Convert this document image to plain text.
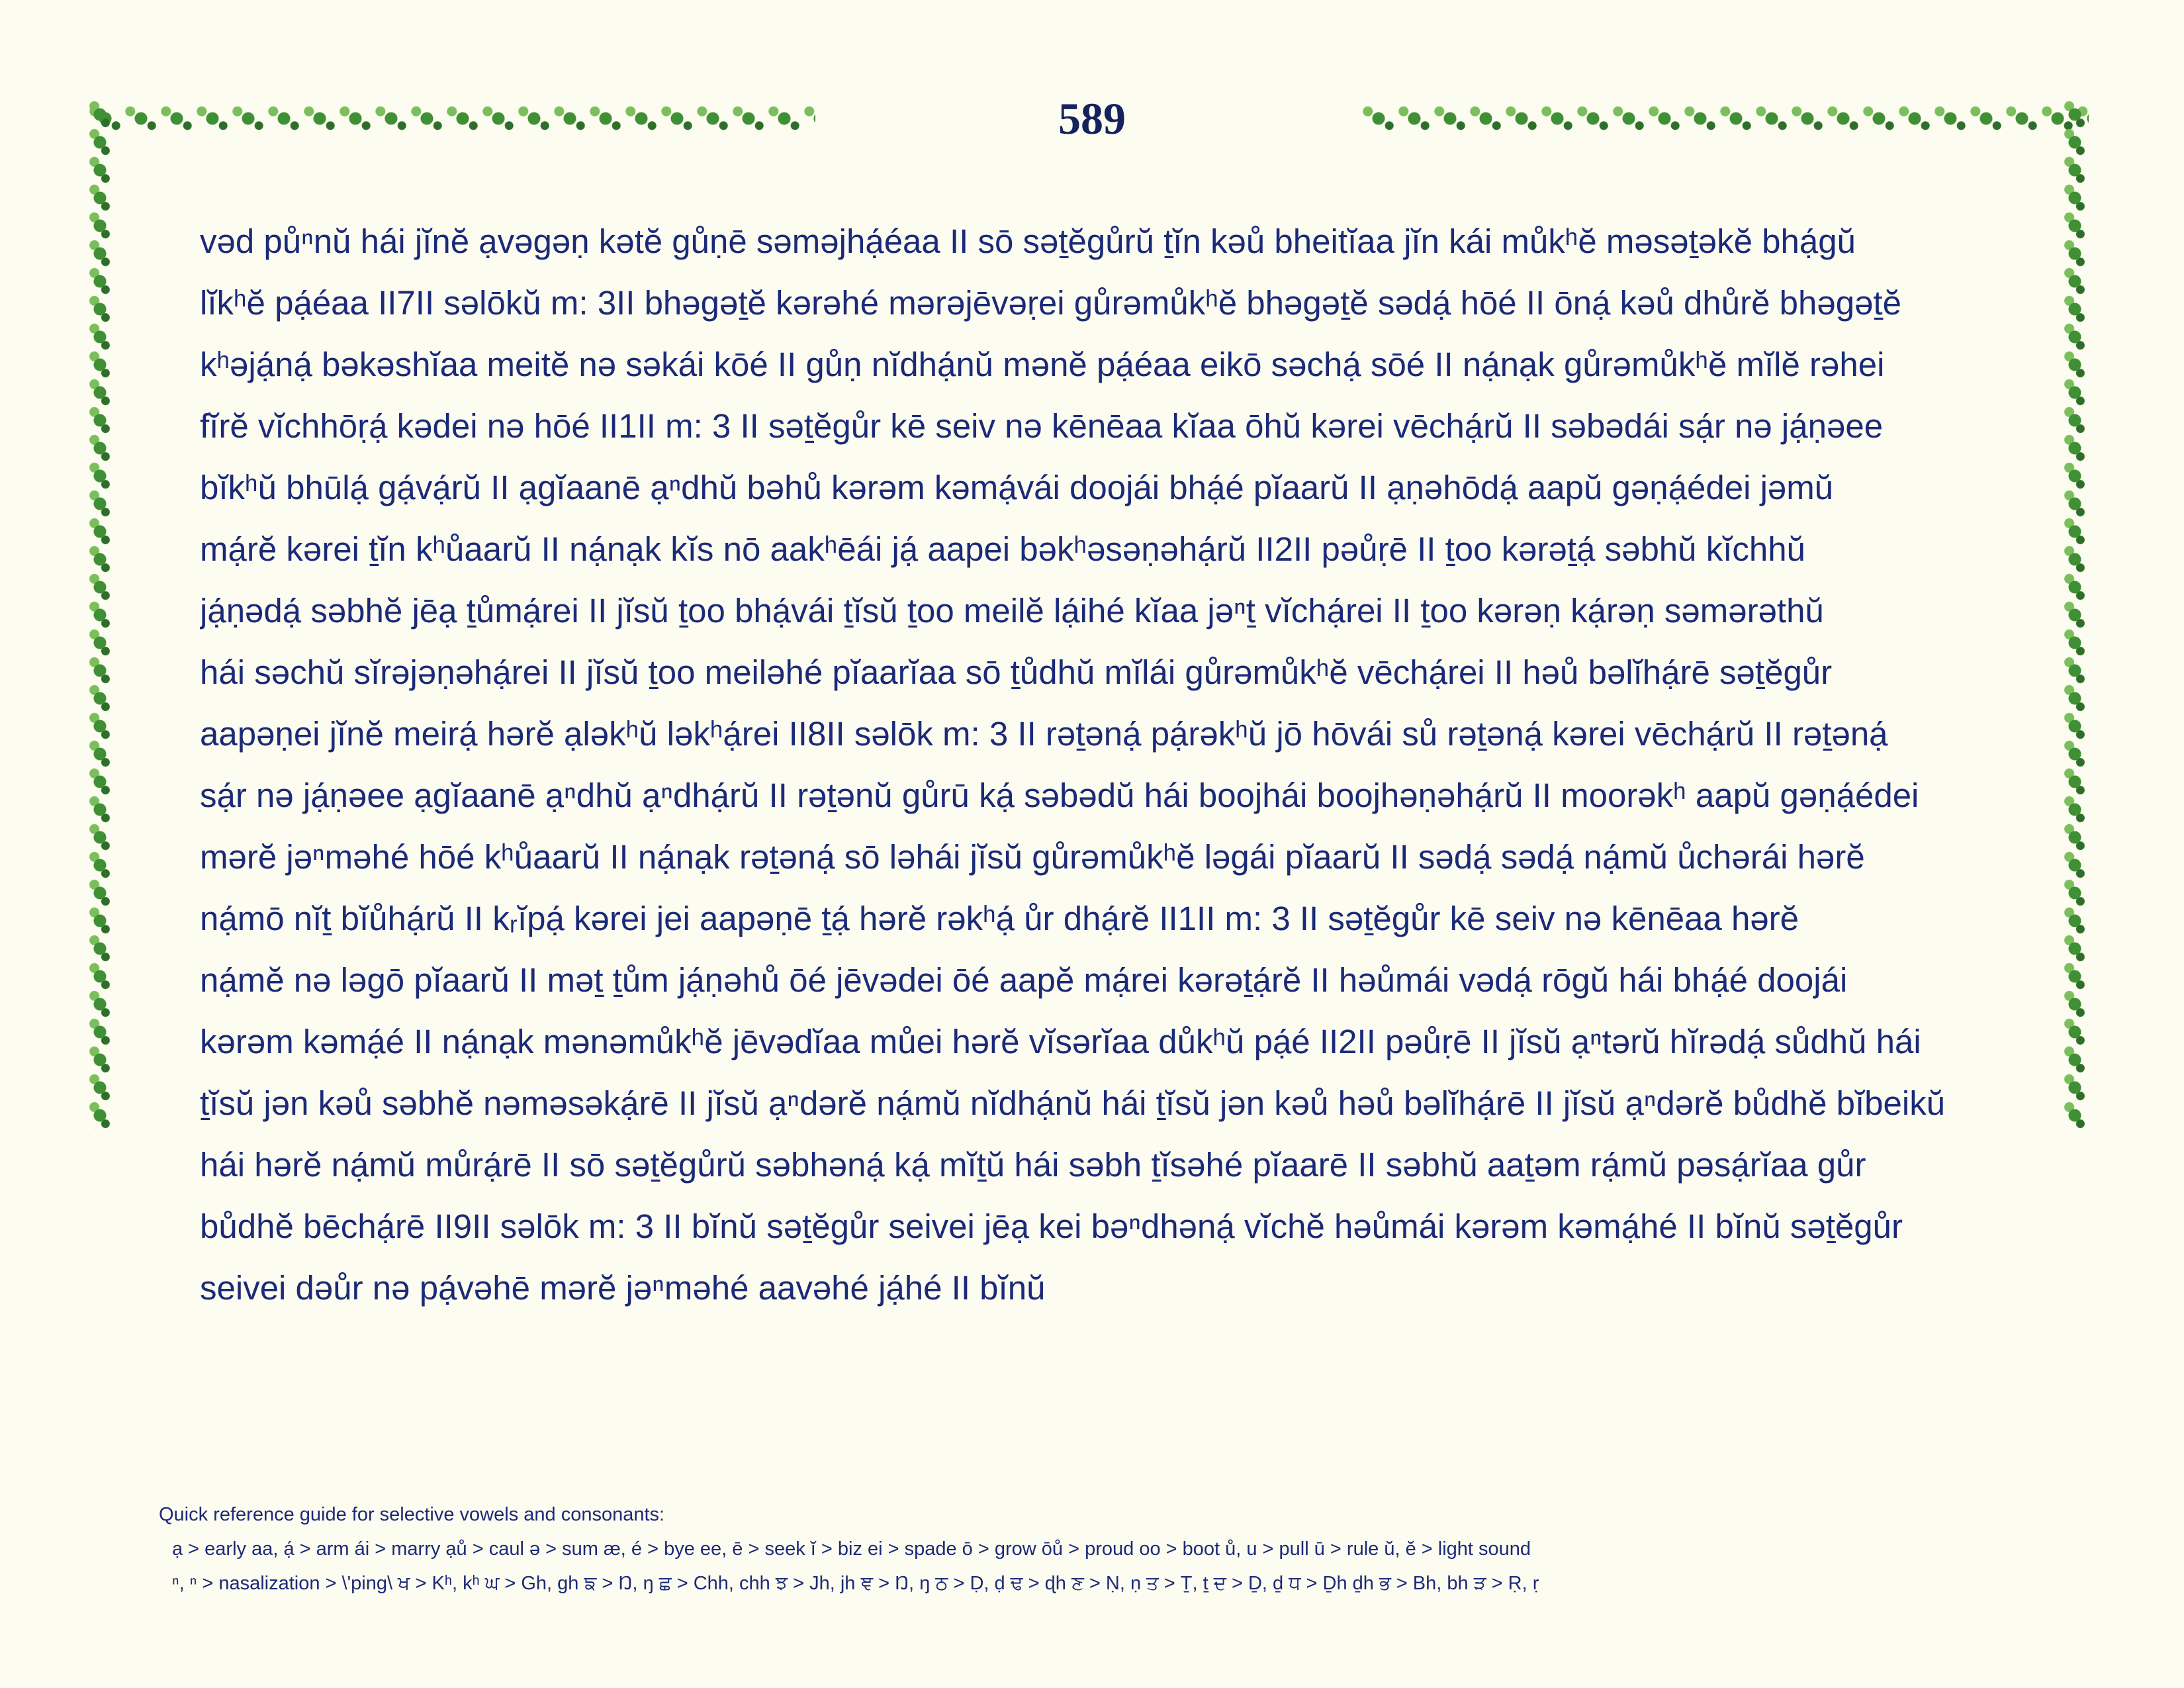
589
vəd půⁿnŭ hái jĭnĕ ạvəgəṇ kətĕ gůṇē səməjhạ́éaa II sō səṯĕgůrŭ ṯĭn kəů bheitĭaa jĭn kái můkʰĕ məsəṯəkĕ bhạ́gŭ
lĭkʰĕ pạ́éaa II7II səlōkŭ m: 3II bhəgəṯĕ kərəhé mərəjēvəṛei gůrəmůkʰĕ bhəgəṯĕ sədạ́ hōé II ōnạ́ kəů dhůrĕ bhəgəṯĕ
kʰəjạ́nạ́ bəkəshĭaa meitĕ nə səkái kōé II gůṇ nĭdhạ́nŭ mənĕ pạ́éaa eikō səchạ́ sōé II nạ́nạk gůrəmůkʰĕ mĭlĕ rəhei
fĭrĕ vĭchhōṛạ́ kədei nə hōé II1II m: 3 II səṯĕgůr kē seiv nə kēnēaa kĭaa ōhŭ kərei vēchạ́rŭ II səbədái sạ́r nə jạ́ṇəee
bĭkʰŭ bhūlạ́ gạ́vạ́rŭ II ạgĭaanē ạⁿdhŭ bəhů kərəm kəmạ́vái doojái bhạ́é pĭaarŭ II ạṇəhōdạ́ aapŭ gəṇạ́édei jəmŭ
mạ́rĕ kərei ṯĭn kʰůaarŭ II nạ́nạk kĭs nō aakʰēái jạ́ aapei bəkʰəsəṇəhạ́rŭ II2II pəůṛē II ṯoo kərəṯạ́ səbhŭ kĭchhŭ
jạ́ṇədạ́ səbhĕ jēạ ṯůmạ́rei II jĭsŭ ṯoo bhạ́vái ṯĭsŭ ṯoo meilĕ lạ́ihé kĭaa jəⁿṯ vĭchạ́rei II ṯoo kərəṇ kạ́rəṇ səmərəthŭ
hái səchŭ sĭrəjəṇəhạ́rei II jĭsŭ ṯoo meiləhé pĭaarĭaa sō ṯůdhŭ mĭlái gůrəmůkʰĕ vēchạ́rei II həů bəlĭhạ́rē səṯĕgůr
aapəṇei jĭnĕ meirạ́ hərĕ ạləkʰŭ ləkʰạ́rei II8II səlōk m: 3 II rəṯənạ́ pạ́rəkʰŭ jō hōvái sů rəṯənạ́ kərei vēchạ́rŭ II rəṯənạ́
sạ́r nə jạ́ṇəee ạgĭaanē ạⁿdhŭ ạⁿdhạ́rŭ II rəṯənŭ gůrū kạ́ səbədŭ hái boojhái boojhəṇəhạ́rŭ II moorəkʰ aapŭ gəṇạ́édei
mərĕ jəⁿməhé hōé kʰůaarŭ II nạ́nạk rəṯənạ́ sō ləhái jĭsŭ gůrəmůkʰĕ ləgái pĭaarŭ II sədạ́ sədạ́ nạ́mŭ ůchərái hərĕ
nạ́mō nĭṯ bĭůhạ́rŭ II kᵣĭpạ́ kərei jei aapəṇē ṯạ́ hərĕ rəkʰạ́ ůr dhạ́rĕ II1II m: 3 II səṯĕgůr kē seiv nə kēnēaa hərĕ
nạ́mĕ nə ləgō pĭaarŭ II məṯ ṯům jạ́ṇəhů ōé jēvədei ōé aapĕ mạ́rei kərəṯạ́rĕ II həůmái vədạ́ rōgŭ hái bhạ́é doojái
kərəm kəmạ́é II nạ́nạk mənəmůkʰĕ jēvədĭaa můei hərĕ vĭsərĭaa důkʰŭ pạ́é II2II pəůṛē II jĭsŭ ạⁿtərŭ hĭrədạ́ sůdhŭ hái
ṯĭsŭ jən kəů səbhĕ nəməsəkạ́rē II jĭsŭ ạⁿdərĕ nạ́mŭ nĭdhạ́nŭ hái ṯĭsŭ jən kəů həů bəlĭhạ́rē II jĭsŭ ạⁿdərĕ bůdhĕ bĭbeikŭ
hái hərĕ nạ́mŭ můrạ́rē II sō səṯĕgůrŭ səbhənạ́ kạ́ mĭṯŭ hái səbh ṯĭsəhé pĭaarē II səbhŭ aaṯəm rạ́mŭ pəsạ́rĭaa gůr
bůdhĕ bēchạ́rē II9II səlōk m: 3 II bĭnŭ səṯĕgůr seivei jēạ kei bəⁿdhənạ́ vĭchĕ həůmái kərəm kəmạ́hé II bĭnŭ səṯĕgůr
seivei dəůr nə pạ́vəhē mərĕ jəⁿməhé aavəhé jạ́hé II bĭnŭ
Quick reference guide for selective vowels and consonants:
ạ > early aa, ạ́ > arm ái > marry ạů > caul ə > sum æ, é > bye ee, ē > seek ĭ > biz ei > spade ō > grow ōů > proud oo > boot ů, u > pull ū > rule ŭ, ĕ > light sound
ⁿ, ⁿ > nasalization > \'ping\ ਖ > Kʰ, kʰ ਘ > Gh, gh ਙ > Ŋ, ŋ ਛ > Chh, chh ਝ > Jh, jh ਞ > Ŋ, ŋ ਠ > Ḍ, ḍ ਢ > ɖh ਣ > Ṇ, ṇ ਤ > Ṯ, ṯ ਦ > Ḏ, ḏ ਧ > Ḏh ḏh ਭ > Bh, bh ੜ > Ṛ, ṛ
